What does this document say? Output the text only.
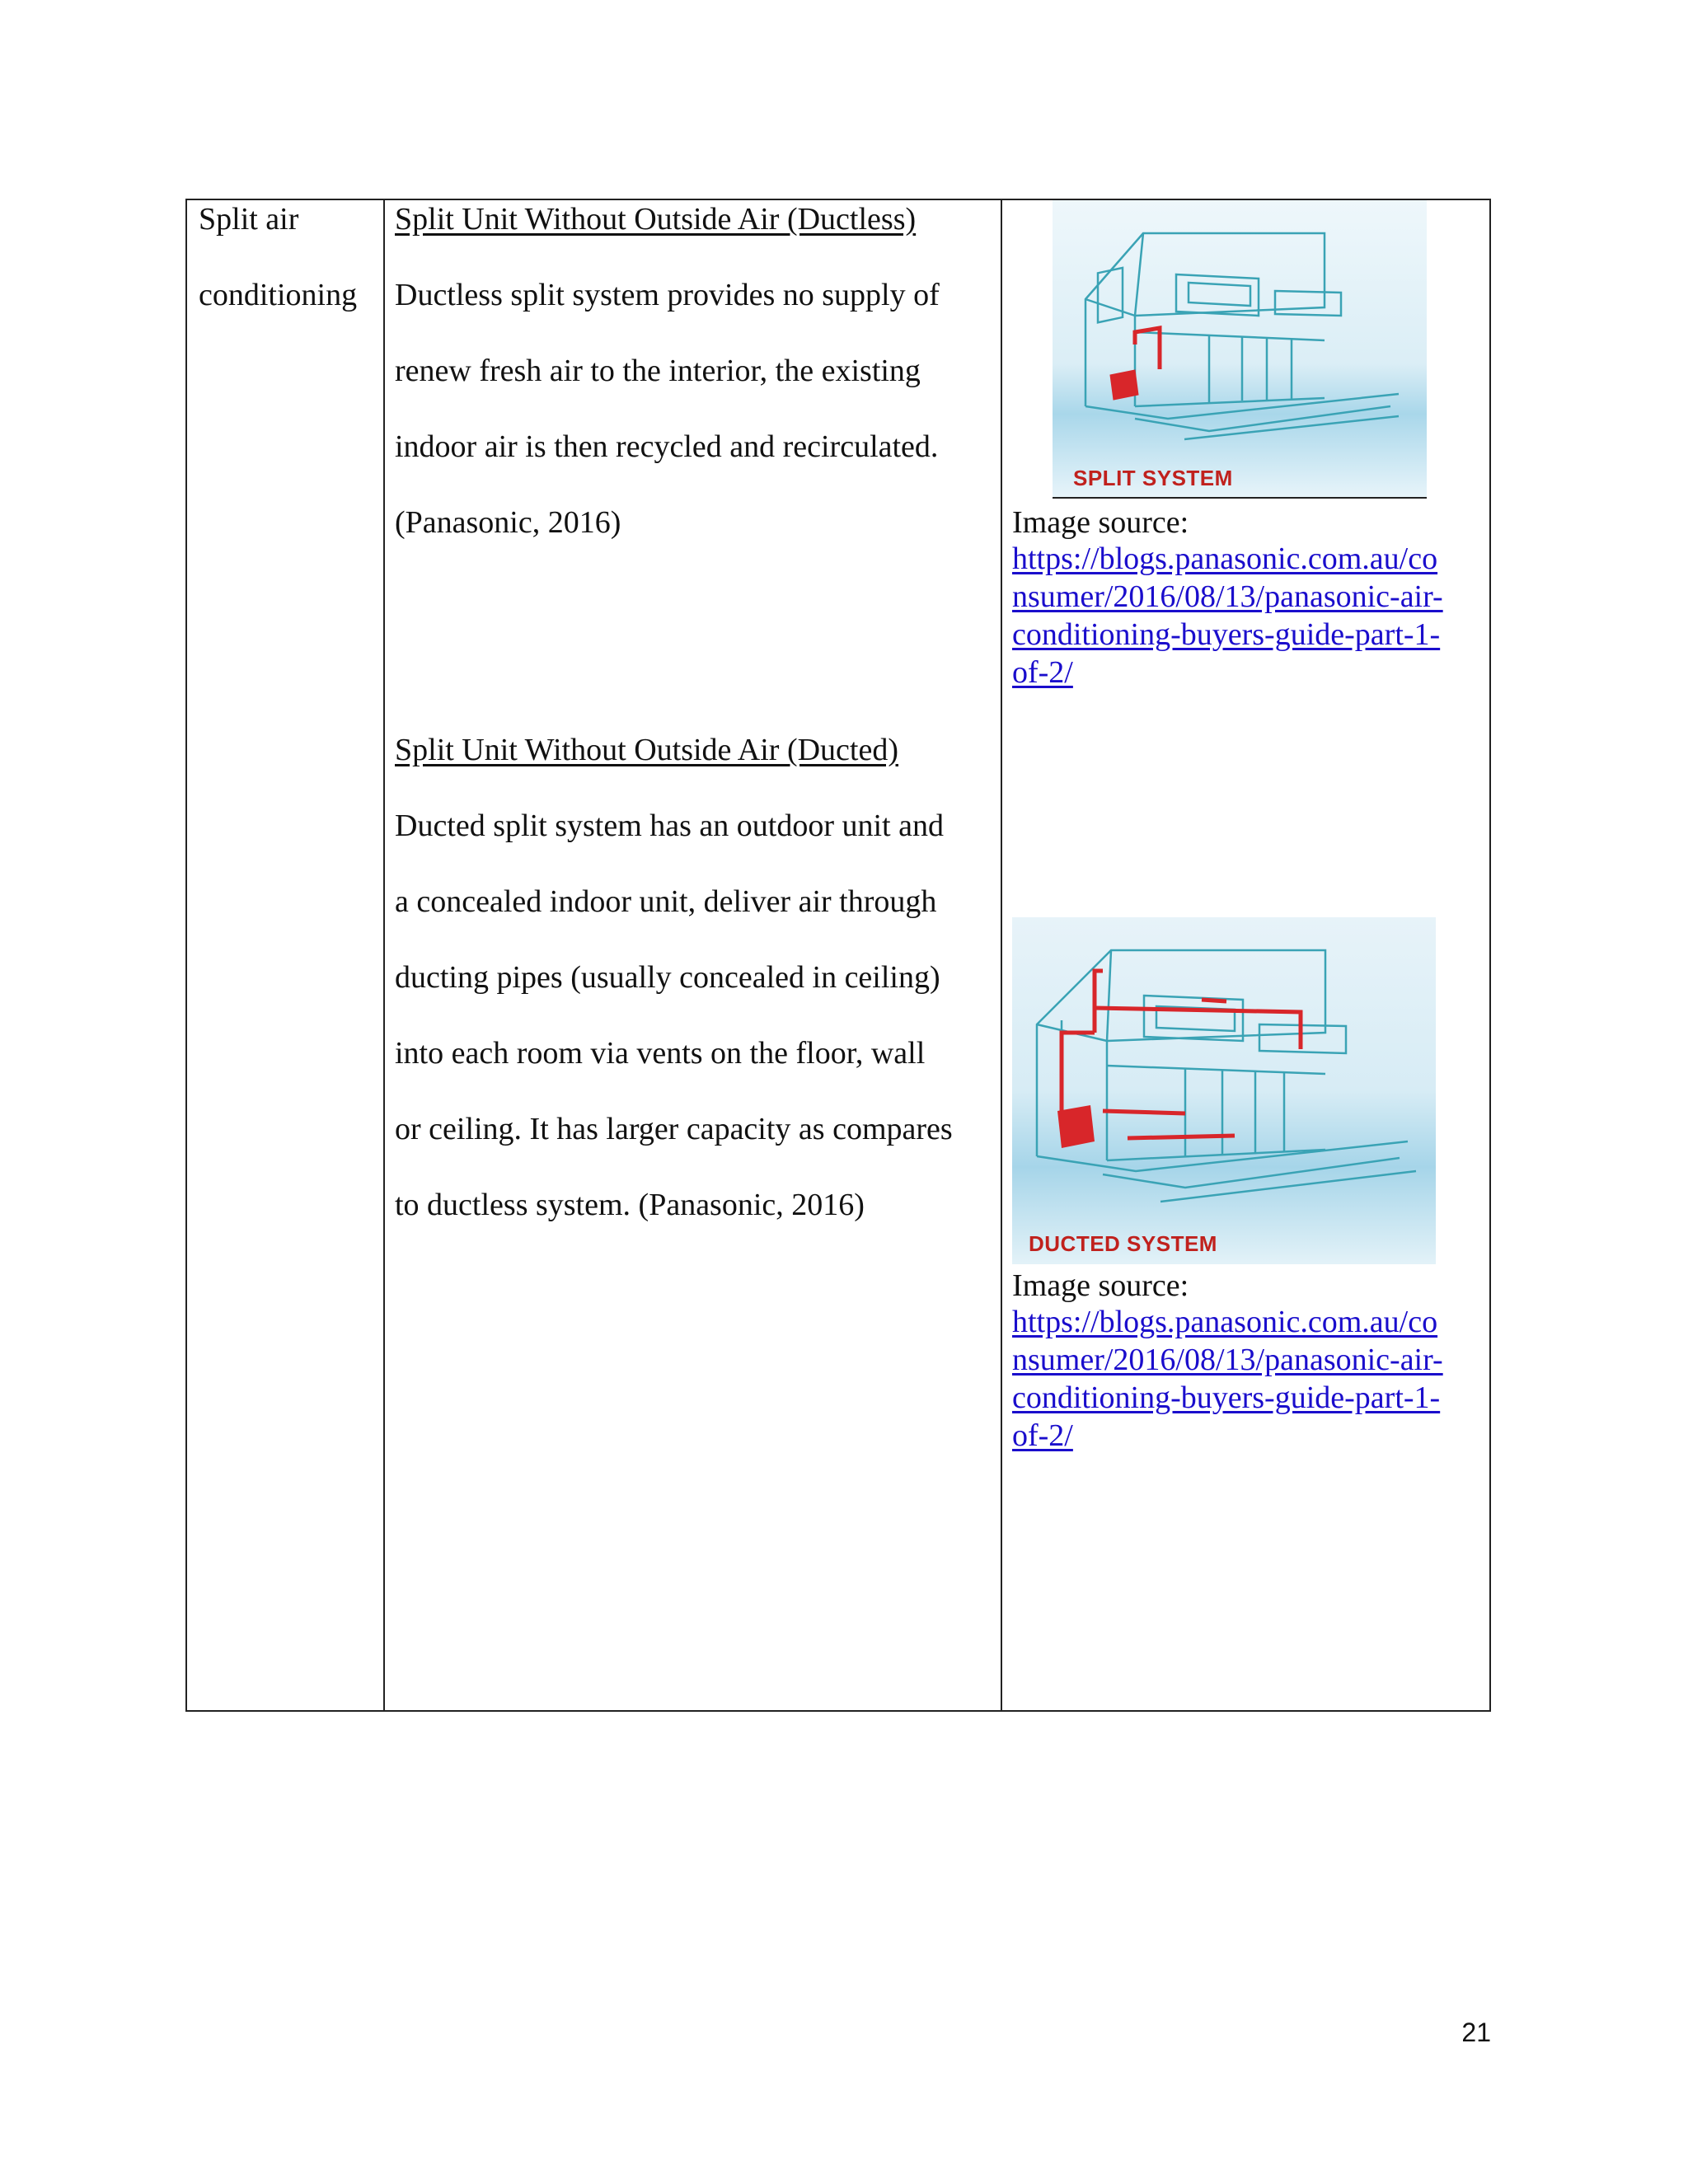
Split air
conditioning
Split Unit Without Outside Air (Ductless)
Ductless split system provides no supply of
renew fresh air to the interior, the existing
indoor air is then recycled and recirculated.
(Panasonic, 2016)
Split Unit Without Outside Air (Ducted)
Ducted split system has an outdoor unit and
a concealed indoor unit, deliver air through
ducting pipes (usually concealed in ceiling)
into each room via vents on the floor, wall
or ceiling. It has larger capacity as compares
to ductless system. (Panasonic, 2016)
SPLIT SYSTEM
Image source:
https://blogs.panasonic.com.au/co
nsumer/2016/08/13/panasonic-air-
conditioning-buyers-guide-part-1-
of-2/
DUCTED SYSTEM
Image source:
https://blogs.panasonic.com.au/co
nsumer/2016/08/13/panasonic-air-
conditioning-buyers-guide-part-1-
of-2/
21
